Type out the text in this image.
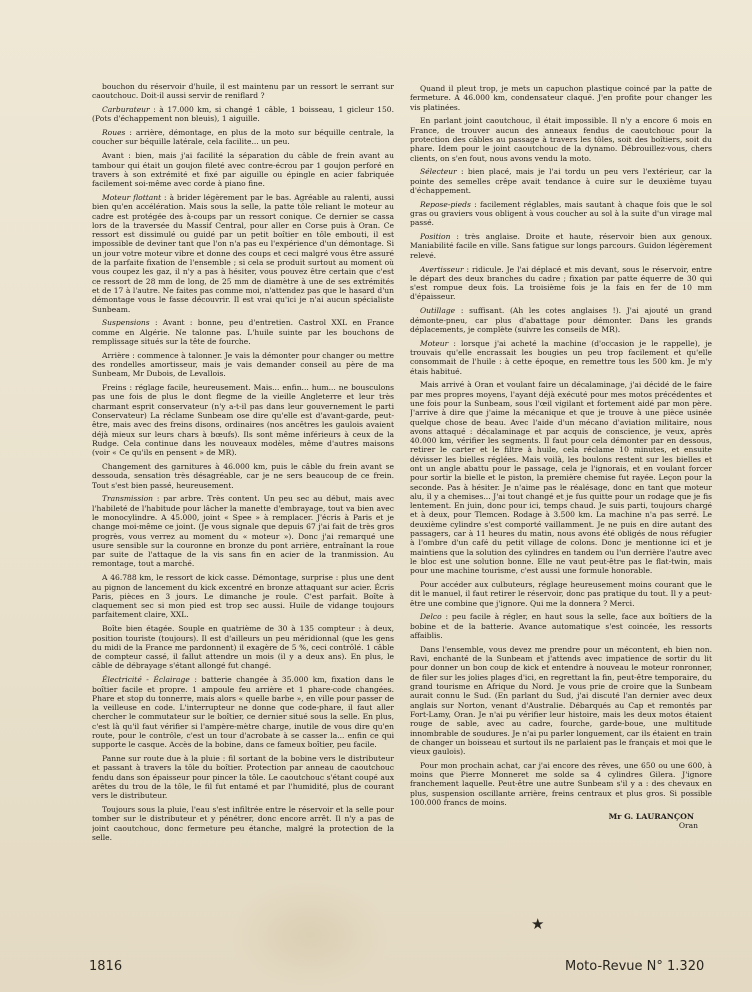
bouchon du réservoir d'huile, il est maintenu par un ressort le serrant sur caoutchouc. Doit-il aussi servir de reniflard ?

Carburateur : à 17.000 km, si changé 1 câble, 1 boisseau, 1 gicleur 150. (Pots d'échappement non bleuis), 1 aiguille.

Roues : arrière, démontage, en plus de la moto sur béquille centrale, la coucher sur béquille latérale, cela facilite... un peu.

Avant : bien, mais j'ai facilité la séparation du câble de frein avant au tambour qui était un goujon fileté avec contre-écrou par 1 goujon perforé en travers à son extrémité et fixé par aiguille ou épingle en acier fabriquée facilement soi-même avec corde à piano fine.

Moteur flottant : à brider légèrement par le bas. Agréable au ralenti, aussi bien qu'en accélération. Mais sous la selle, la patte tôle reliant le moteur au cadre est protégée des à-coups par un ressort conique. Ce dernier se cassa lors de la traversée du Massif Central, pour aller en Corse puis à Oran. Ce ressort est dissimulé ou guidé par un petit boîtier en tôle embouti, il est impossible de deviner tant que l'on n'a pas eu l'expérience d'un démontage. Si un jour votre moteur vibre et donne des coups et ceci malgré vous être assuré de la parfaite fixation de l'ensemble ; si cela se produit surtout au moment où vous coupez les gaz, il n'y a pas à hésiter, vous pouvez être certain que c'est ce ressort de 28 mm de long, de 25 mm de diamètre à une de ses extrémités et de 17 à l'autre. Ne faites pas comme moi, n'attendez pas que le hasard d'un démontage vous le fasse découvrir. Il est vrai qu'ici je n'ai aucun spécialiste Sunbeam.

Suspensions : Avant : bonne, peu d'entretien. Castrol XXL en France comme en Algérie. Ne talonne pas. L'huile suinte par les bouchons de remplissage situés sur la tête de fourche.

Arrière : commence à talonner. Je vais la démonter pour changer ou mettre des rondelles amortisseur, mais je vais demander conseil au père de ma Sunbeam, Mr Dubois, de Levallois.

Freins : réglage facile, heureusement. Mais... enfin... hum... ne bousculons pas une fois de plus le dont flegme de la vieille Angleterre et leur très charmant esprit conservateur (n'y a-t-il pas dans leur gouvernement le parti Conservateur) La réclame Sunbeam ose dire qu'elle est d'avant-garde, peut-être, mais avec des freins disons, ordinaires (nos ancêtres les gaulois avaient déjà mieux sur leurs chars à bœufs). Ils sont même inférieurs à ceux de la Rudge. Cela continue dans les nouveaux modèles, même d'autres maisons (voir « Ce qu'ils en pensent » de MR).

Changement des garnitures à 46.000 km, puis le câble du frein avant se dessouda, sensation très désagréable, car je ne sers beaucoup de ce frein. Tout s'est bien passé, heureusement.

Transmission : par arbre. Très content. Un peu sec au début, mais avec l'habileté de l'habitude pour lâcher la manette d'embrayage, tout va bien avec le monocylindre. A 45.000, joint « Spee » à remplacer. J'écris à Paris et je change moi-même ce joint. (Je vous signale que depuis 67 j'ai fait de très gros progrès, vous verrez au moment du « moteur »). Donc j'ai remarqué une usure sensible sur la couronne en bronze du pont arrière, entraînant la roue par suite de l'attaque de la vis sans fin en acier de la tranmission. Au remontage, tout a marché.

A 46.788 km, le ressort de kick casse. Démontage, surprise : plus une dent au pignon de lancement du kick excentré en bronze attaquant sur acier. Écris Paris, pièces en 3 jours. Le dimanche je roule. C'est parfait. Boîte à claquement sec si mon pied est trop sec aussi. Huile de vidange toujours parfaitement claire, XXL.

Boîte bien étagée. Souple en quatrième de 30 à 135 compteur : à deux, position touriste (toujours). Il est d'ailleurs un peu méridionnal (que les gens du midi de la France me pardonnent) il exagère de 5 %, ceci contrôlé. 1 câble de compteur cassé, il fallut attendre un mois (il y a deux ans). En plus, le câble de débrayage s'étant allongé fut changé.

Électricité - Éclairage : batterie changée à 35.000 km, fixation dans le boîtier facile et propre. 1 ampoule feu arrière et 1 phare-code changées. Phare et stop du tonnerre, mais alors « quelle barbe », en ville pour passer de la veilleuse en code. L'interrupteur ne donne que code-phare, il faut aller chercher le commutateur sur le boîtier, ce dernier situé sous la selle. En plus, c'est là qu'il faut vérifier si l'ampère-mètre charge, inutile de vous dire qu'en route, pour le contrôle, c'est un tour d'acrobate à se casser la... enfin ce qui supporte le casque. Accès de la bobine, dans ce fameux boîtier, peu facile.

Panne sur route due à la pluie : fil sortant de la bobine vers le distributeur et passant à travers la tôle du boîtier. Protection par anneau de caoutchouc fendu dans son épaisseur pour pincer la tôle. Le caoutchouc s'étant coupé aux arêtes du trou de la tôle, le fil fut entamé et par l'humidité, plus de courant vers le distributeur.

Toujours sous la pluie, l'eau s'est infiltrée entre le réservoir et la selle pour tomber sur le distributeur et y pénétrer, donc encore arrêt. Il n'y a pas de joint caoutchouc, donc fermeture peu étanche, malgré la protection de la selle.

Quand il pleut trop, je mets un capuchon plastique coincé par la patte de fermeture. A 46.000 km, condensateur claqué. J'en profite pour changer les vis platinées.

En parlant joint caoutchouc, il était impossible. Il n'y a encore 6 mois en France, de trouver aucun des anneaux fendus de caoutchouc pour la protection des câbles au passage à travers les tôles, soit des boîtiers, soit du phare. Idem pour le joint caoutchouc de la dynamo. Débrouillez-vous, chers clients, on s'en fout, nous avons vendu la moto.

Sélecteur : bien placé, mais je l'ai tordu un peu vers l'extérieur, car la pointe des semelles crêpe avait tendance à cuire sur le deuxième tuyau d'échappement.

Repose-pieds : facilement réglables, mais sautant à chaque fois que le sol gras ou graviers vous obligent à vous coucher au sol à la suite d'un virage mal passé.

Position : très anglaise. Droite et haute, réservoir bien aux genoux. Maniabilité facile en ville. Sans fatigue sur longs parcours. Guidon légèrement relevé.

Avertisseur : ridicule. Je l'ai déplacé et mis devant, sous le réservoir, entre le départ des deux branches du cadre ; fixation par patte équerre de 30 qui s'est rompue deux fois. La troisième fois je la fais en fer de 10 mm d'épaisseur.

Outillage : suffisant. (Ah les cotes anglaises !). J'ai ajouté un grand démonte-pneu, car plus d'abattage pour démonter. Dans les grands déplacements, je complète (suivre les conseils de MR).

Moteur : lorsque j'ai acheté la machine (d'occasion je le rappelle), je trouvais qu'elle encrassait les bougies un peu trop facilement et qu'elle consommait de l'huile : à cette époque, en remettre tous les 500 km. Je m'y étais habitué.

Mais arrivé à Oran et voulant faire un décalaminage, j'ai décidé de le faire par mes propres moyens, l'ayant déjà exécuté pour mes motos précédentes et une fois pour la Sunbeam, sous l'œil vigilant et fortement aidé par mon père. J'arrive à dire que j'aime la mécanique et que je trouve à une pièce usinée quelque chose de beau. Avec l'aide d'un mécano d'aviation militaire, nous avons attaqué : décalaminage et par acquis de conscience, je veux, après 40.000 km, vérifier les segments. Il faut pour cela démonter par en dessous, retirer le carter et le filtre à huile, cela réclame 10 minutes, et ensuite dévisser les bielles réglées. Mais voilà, les boulons restent sur les bielles et ont un angle abattu pour le passage, cela je l'ignorais, et en voulant forcer pour sortir la bielle et le piston, la première chemise fut rayée. Leçon pour la seconde. Pas à hésiter. Je n'aime pas le réalésage, donc en tant que moteur alu, il y a chemises... J'ai tout changé et je fus quitte pour un rodage que je fis lentement. En juin, donc pour ici, temps chaud. Je suis parti, toujours chargé et à deux, pour Tlemcen. Rodage à 3.500 km. La machine n'a pas serré. Le deuxième cylindre s'est comporté vaillamment. Je ne puis en dire autant des passagers, car à 11 heures du matin, nous avons été obligés de nous réfugier à l'ombre d'un café du petit village de colons. Donc je mentionne ici et je maintiens que la solution des cylindres en tandem ou l'un derrière l'autre avec le bloc est une solution bonne. Elle ne vaut peut-être pas le flat-twin, mais pour une machine tourisme, c'est aussi une formule honorable.

Pour accéder aux culbuteurs, réglage heureusement moins courant que le dit le manuel, il faut retirer le réservoir, donc pas pratique du tout. Il y a peut-être une combine que j'ignore. Qui me la donnera ? Merci.

Delco : peu facile à régler, en haut sous la selle, face aux boîtiers de la bobine et de la batterie. Avance automatique s'est coincée, les ressorts affaiblis.

Dans l'ensemble, vous devez me prendre pour un mécontent, eh bien non. Ravi, enchanté de la Sunbeam et j'attends avec impatience de sortir du lit pour donner un bon coup de kick et entendre à nouveau le moteur ronronner, de filer sur les jolies plages d'ici, en regrettant la fin, peut-être temporaire, du grand tourisme en Afrique du Nord. Je vous prie de croire que la Sunbeam aurait connu le Sud. (En parlant du Sud, j'ai discuté l'an dernier avec deux anglais sur Norton, venant d'Australie. Débarqués au Cap et remontés par Fort-Lamy, Oran. Je n'ai pu vérifier leur histoire, mais les deux motos étaient rouge de sable, avec au cadre, fourche, garde-boue, une multitude innombrable de soudures. Je n'ai pu parler longuement, car ils étaient en train de changer un boisseau et surtout ils ne parlaient pas le français et moi que le vieux gaulois).

Pour mon prochain achat, car j'ai encore des rêves, une 650 ou une 600, à moins que Pierre Monneret me solde sa 4 cylindres Gilera. J'ignore franchement laquelle. Peut-être une autre Sunbeam s'il y a : des chevaux en plus, suspension oscillante arrière, freins centraux et plus gros. Si possible 100.000 francs de moins.

Mr G. LAURANÇON
Oran
★
1816	Moto-Revue N° 1.320
